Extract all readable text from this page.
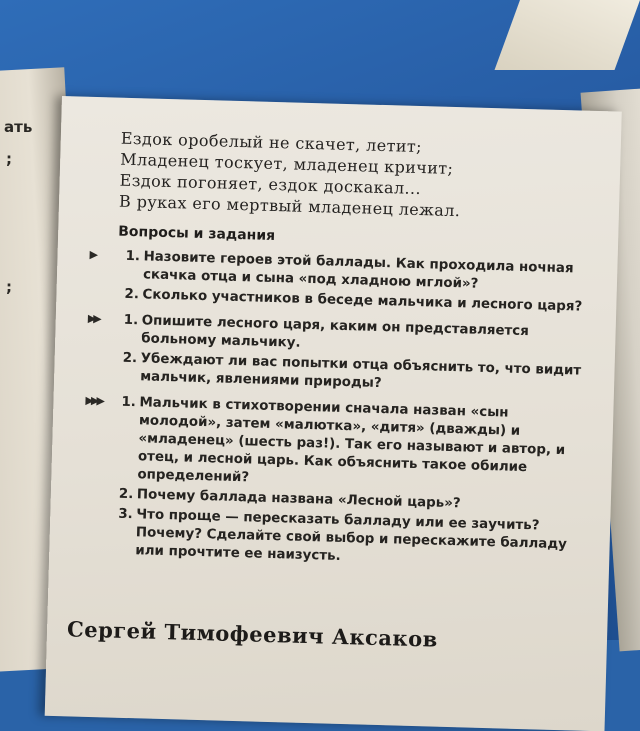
ать
;
;
Ездок оробелый не скачет, летит;
Младенец тоскует, младенец кричит;
Ездок погоняет, ездок доскакал...
В руках его мертвый младенец лежал.
Вопросы и задания
▶ 1. Назовите героев этой баллады. Как проходила ночная скачка отца и сына «под хладною мглой»?
2. Сколько участников в беседе мальчика и лесного царя?
▶▶ 1. Опишите лесного царя, каким он представляется больному мальчику.
2. Убеждают ли вас попытки отца объяснить то, что видит мальчик, явлениями природы?
▶▶▶ 1. Мальчик в стихотворении сначала назван «сын молодой», затем «малютка», «дитя» (дважды) и «младенец» (шесть раз!). Так его называют и автор, и отец, и лесной царь. Как объяснить такое обилие определений?
2. Почему баллада названа «Лесной царь»?
3. Что проще — пересказать балладу или ее заучить? Почему? Сделайте свой выбор и перескажите балладу или прочтите ее наизусть.
Сергей Тимофеевич Аксаков
